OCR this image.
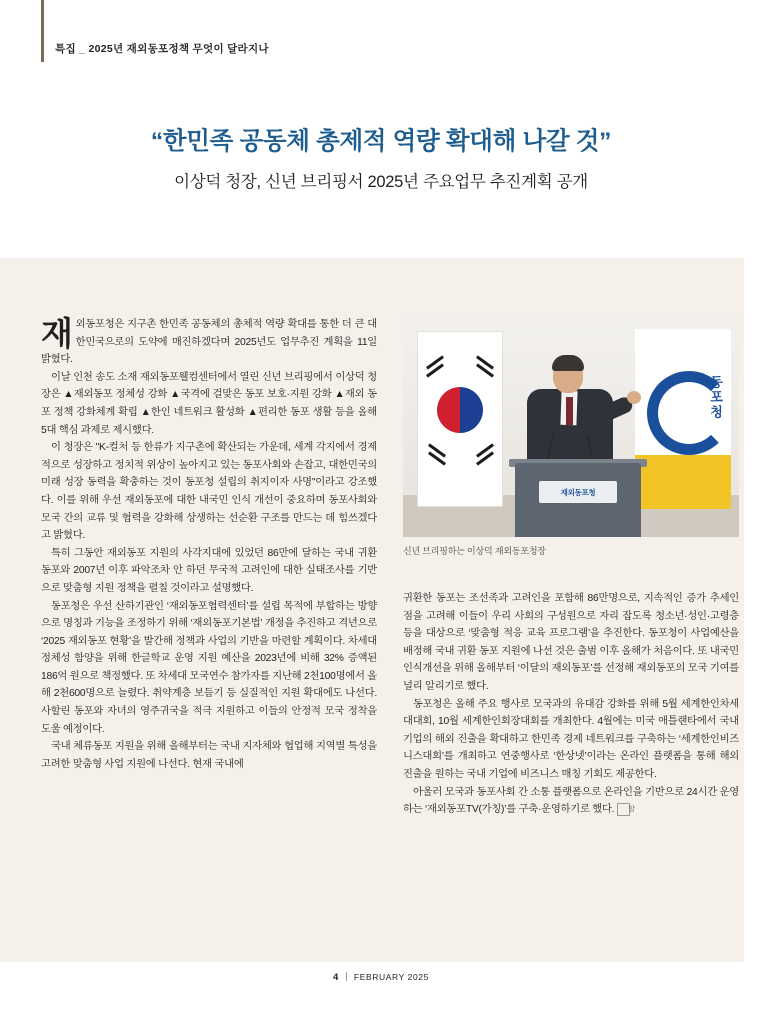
특집 _ 2025년 재외동포정책 무엇이 달라지나
“한민족 공동체 총제적 역량 확대해 나갈 것”
이상덕 청장, 신년 브리핑서 2025년 주요업무 추진계획 공개
동포청
재외동포청
신년 브리핑하는 이상덕 재외동포청장

재 외동포청은 지구촌 한민족 공동체의 총체적 역량 확대를 통한 더 큰 대한민국으로의 도약에 매진하겠다며 2025년도 업무추진 계획을 11일 밝혔다.

이날 인천 송도 소재 재외동포웰컴센터에서 열린 신년 브리핑에서 이상덕 청장은 ▲재외동포 정체성 강화 ▲국격에 걸맞은 동포 보호·지원 강화 ▲재외 동포 정책 강화체계 확립 ▲한인 네트워크 활성화 ▲편리한 동포 생활 등을 올해 5대 핵심 과제로 제시했다.

이 청장은 "K-컬처 등 한류가 지구촌에 확산되는 가운데, 세계 각지에서 경제적으로 성장하고 정치적 위상이 높아지고 있는 동포사회와 손잡고, 대한민국의 미래 성장 동력을 확충하는 것이 동포청 설립의 취지이자 사명"이라고 강조했다. 이를 위해 우선 재외동포에 대한 내국민 인식 개선이 중요하며 동포사회와 모국 간의 교류 및 협력을 강화해 상생하는 선순환 구조를 만드는 데 힘쓰겠다고 밝혔다.

특히 그동안 재외동포 지원의 사각지대에 있었던 86만에 달하는 국내 귀환 동포와 2007년 이후 파악조차 안 하던 무국적 고려인에 대한 실태조사를 기반으로 맞춤형 지원 정책을 펼칠 것이라고 설명했다.

동포청은 우선 산하기관인 ‘재외동포협력센터’를 설립 목적에 부합하는 방향으로 명칭과 기능을 조정하기 위해 ‘재외동포기본법’ 개정을 추진하고 격년으로 ‘2025 재외동포 현황’을 발간해 정책과 사업의 기반을 마련할 계획이다. 차세대 정체성 함양을 위해 한글학교 운영 지원 예산을 2023년에 비해 32% 증액된 186억 원으로 책정했다. 또 차세대 모국연수 참가자를 지난해 2천100명에서 올해 2천600명으로 늘렸다. 취약계층 보듬기 등 실질적인 지원 확대에도 나선다. 사할린 동포와 자녀의 영주귀국을 적극 지원하고 이들의 안정적 모국 정착을 도울 예정이다.

국내 체류동포 지원을 위해 올해부터는 국내 지자체와 협업해 지역별 특성을 고려한 맞춤형 사업 지원에 나선다. 현재 국내에

귀환한 동포는 조선족과 고려인을 포함해 86만명으로, 지속적인 증가 추세인 점을 고려해 이들이 우리 사회의 구성원으로 자리 잡도록 청소년·성인·고령층 등을 대상으로 ‘맞춤형 적응 교육 프로그램’을 추진한다. 동포청이 사업예산을 배정해 국내 귀환 동포 지원에 나선 것은 출범 이후 올해가 처음이다. 또 내국민 인식개선을 위해 올해부터 ‘이달의 재외동포’를 선정해 재외동포의 모국 기여를 널리 알리기로 했다.

동포청은 올해 주요 행사로 모국과의 유대감 강화를 위해 5월 세계한인차세대대회, 10월 세계한인회장대회를 개최한다. 4월에는 미국 애틀랜타에서 국내 기업의 해외 진출을 확대하고 한민족 경제 네트워크를 구축하는 ‘세계한인비즈니스대회’를 개최하고 연중행사로 ‘한상넷’이라는 온라인 플랫폼을 통해 해외 진출을 원하는 국내 기업에 비즈니스 매칭 기회도 제공한다.

아울러 모국과 동포사회 간 소통 플랫폼으로 온라인을 기반으로 24시간 운영하는 ‘재외동포TV(가칭)’를 구축·운영하기로 했다. 할

4 FEBRUARY 2025
